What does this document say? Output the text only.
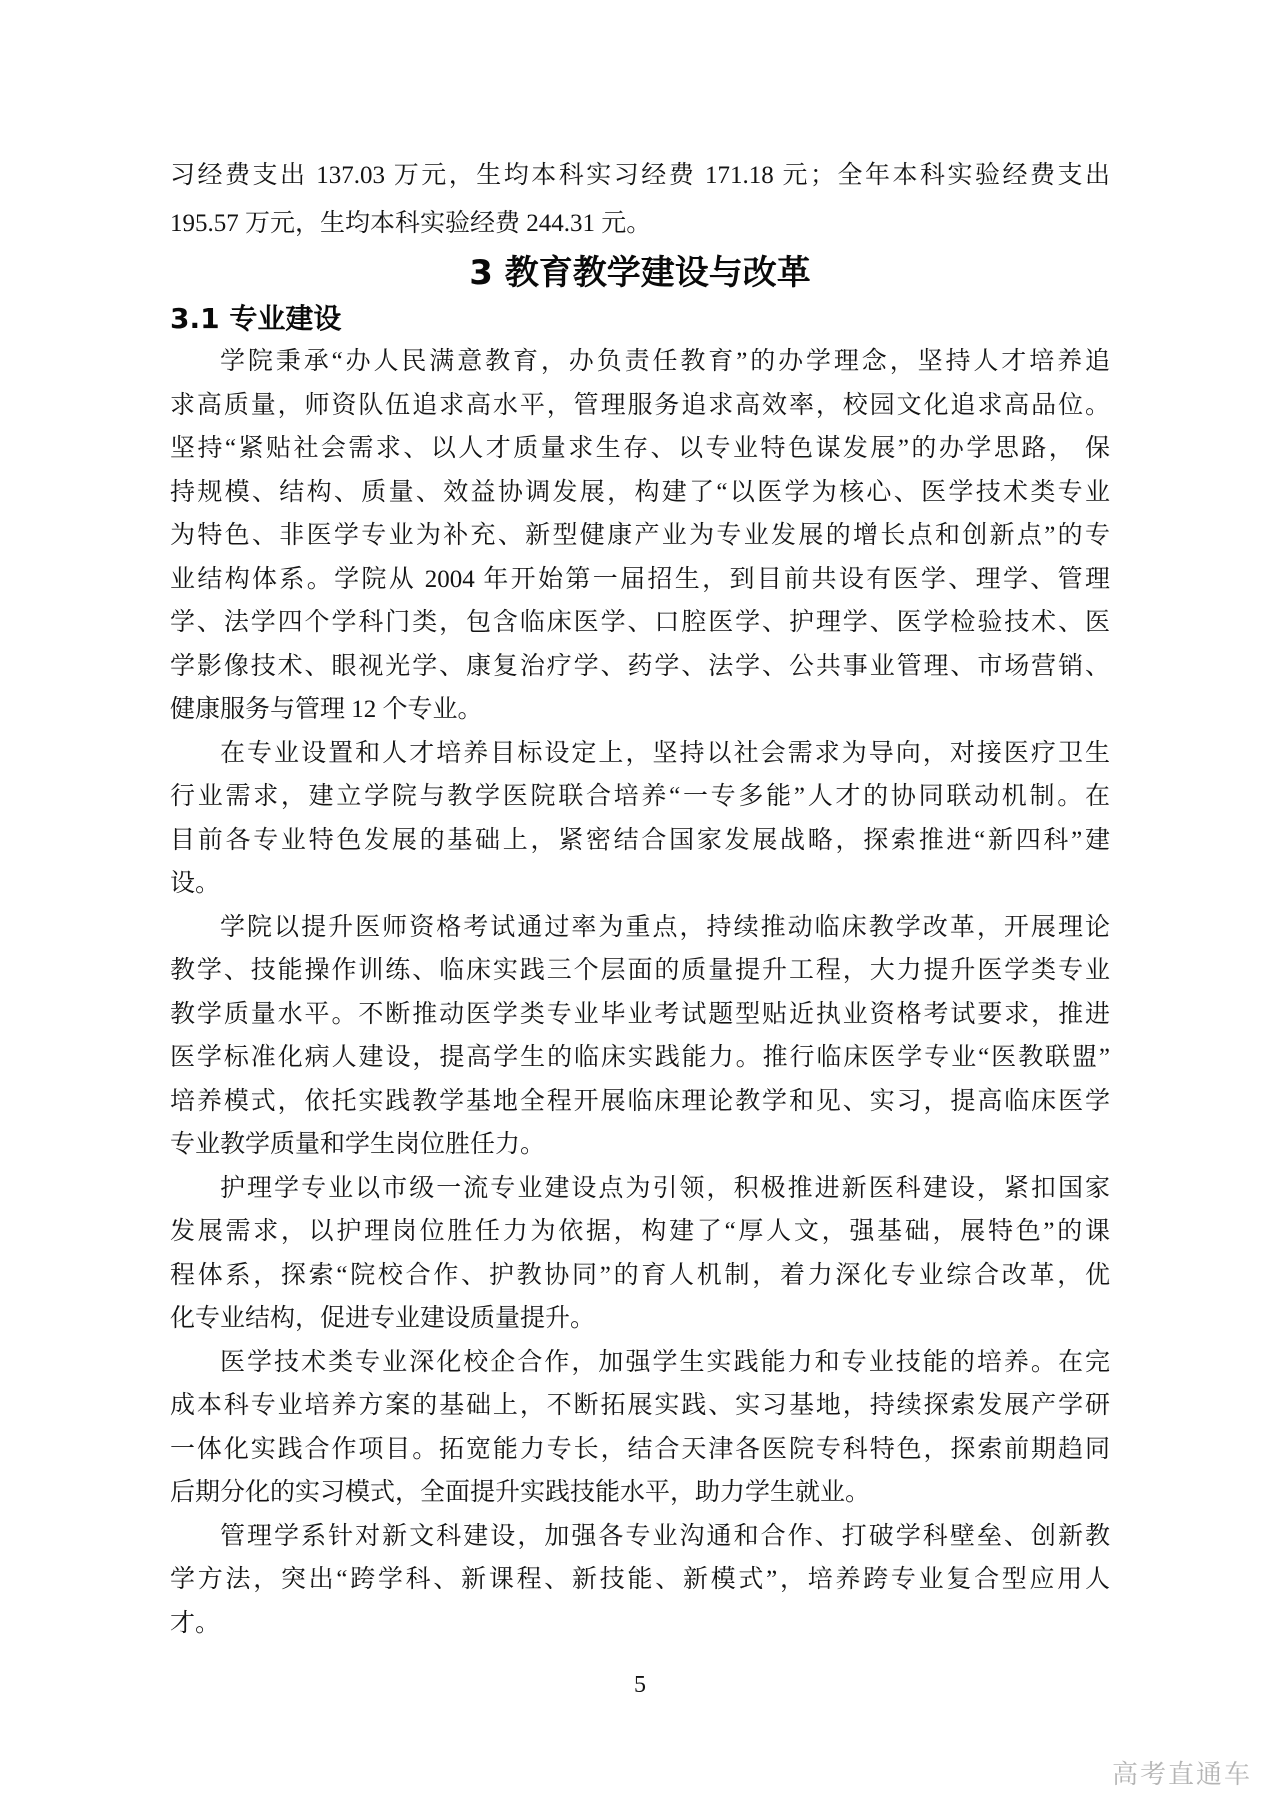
习经费支出 137.03 万元，生均本科实习经费 171.18 元；全年本科实验经费支出
195.57 万元，生均本科实验经费 244.31 元。
3 教育教学建设与改革
3.1 专业建设
学院秉承“办人民满意教育，办负责任教育”的办学理念，坚持人才培养追
求高质量，师资队伍追求高水平，管理服务追求高效率，校园文化追求高品位。
坚持“紧贴社会需求、以人才质量求生存、以专业特色谋发展”的办学思路， 保
持规模、结构、质量、效益协调发展，构建了“以医学为核心、医学技术类专业
为特色、非医学专业为补充、新型健康产业为专业发展的增长点和创新点”的专
业结构体系。学院从 2004 年开始第一届招生，到目前共设有医学、理学、管理
学、法学四个学科门类，包含临床医学、口腔医学、护理学、医学检验技术、医
学影像技术、眼视光学、康复治疗学、药学、法学、公共事业管理、市场营销、
健康服务与管理 12 个专业。
在专业设置和人才培养目标设定上，坚持以社会需求为导向，对接医疗卫生
行业需求，建立学院与教学医院联合培养“一专多能”人才的协同联动机制。在
目前各专业特色发展的基础上，紧密结合国家发展战略，探索推进“新四科”建
设。
学院以提升医师资格考试通过率为重点，持续推动临床教学改革，开展理论
教学、技能操作训练、临床实践三个层面的质量提升工程，大力提升医学类专业
教学质量水平。不断推动医学类专业毕业考试题型贴近执业资格考试要求，推进
医学标准化病人建设，提高学生的临床实践能力。推行临床医学专业“医教联盟”
培养模式，依托实践教学基地全程开展临床理论教学和见、实习，提高临床医学
专业教学质量和学生岗位胜任力。
护理学专业以市级一流专业建设点为引领，积极推进新医科建设，紧扣国家
发展需求，以护理岗位胜任力为依据，构建了“厚人文，强基础，展特色”的课
程体系，探索“院校合作、护教协同”的育人机制，着力深化专业综合改革，优
化专业结构，促进专业建设质量提升。
医学技术类专业深化校企合作，加强学生实践能力和专业技能的培养。在完
成本科专业培养方案的基础上，不断拓展实践、实习基地，持续探索发展产学研
一体化实践合作项目。拓宽能力专长，结合天津各医院专科特色，探索前期趋同
后期分化的实习模式，全面提升实践技能水平，助力学生就业。
管理学系针对新文科建设，加强各专业沟通和合作、打破学科壁垒、创新教
学方法，突出“跨学科、新课程、新技能、新模式”，培养跨专业复合型应用人
才。
5
高考直通车
